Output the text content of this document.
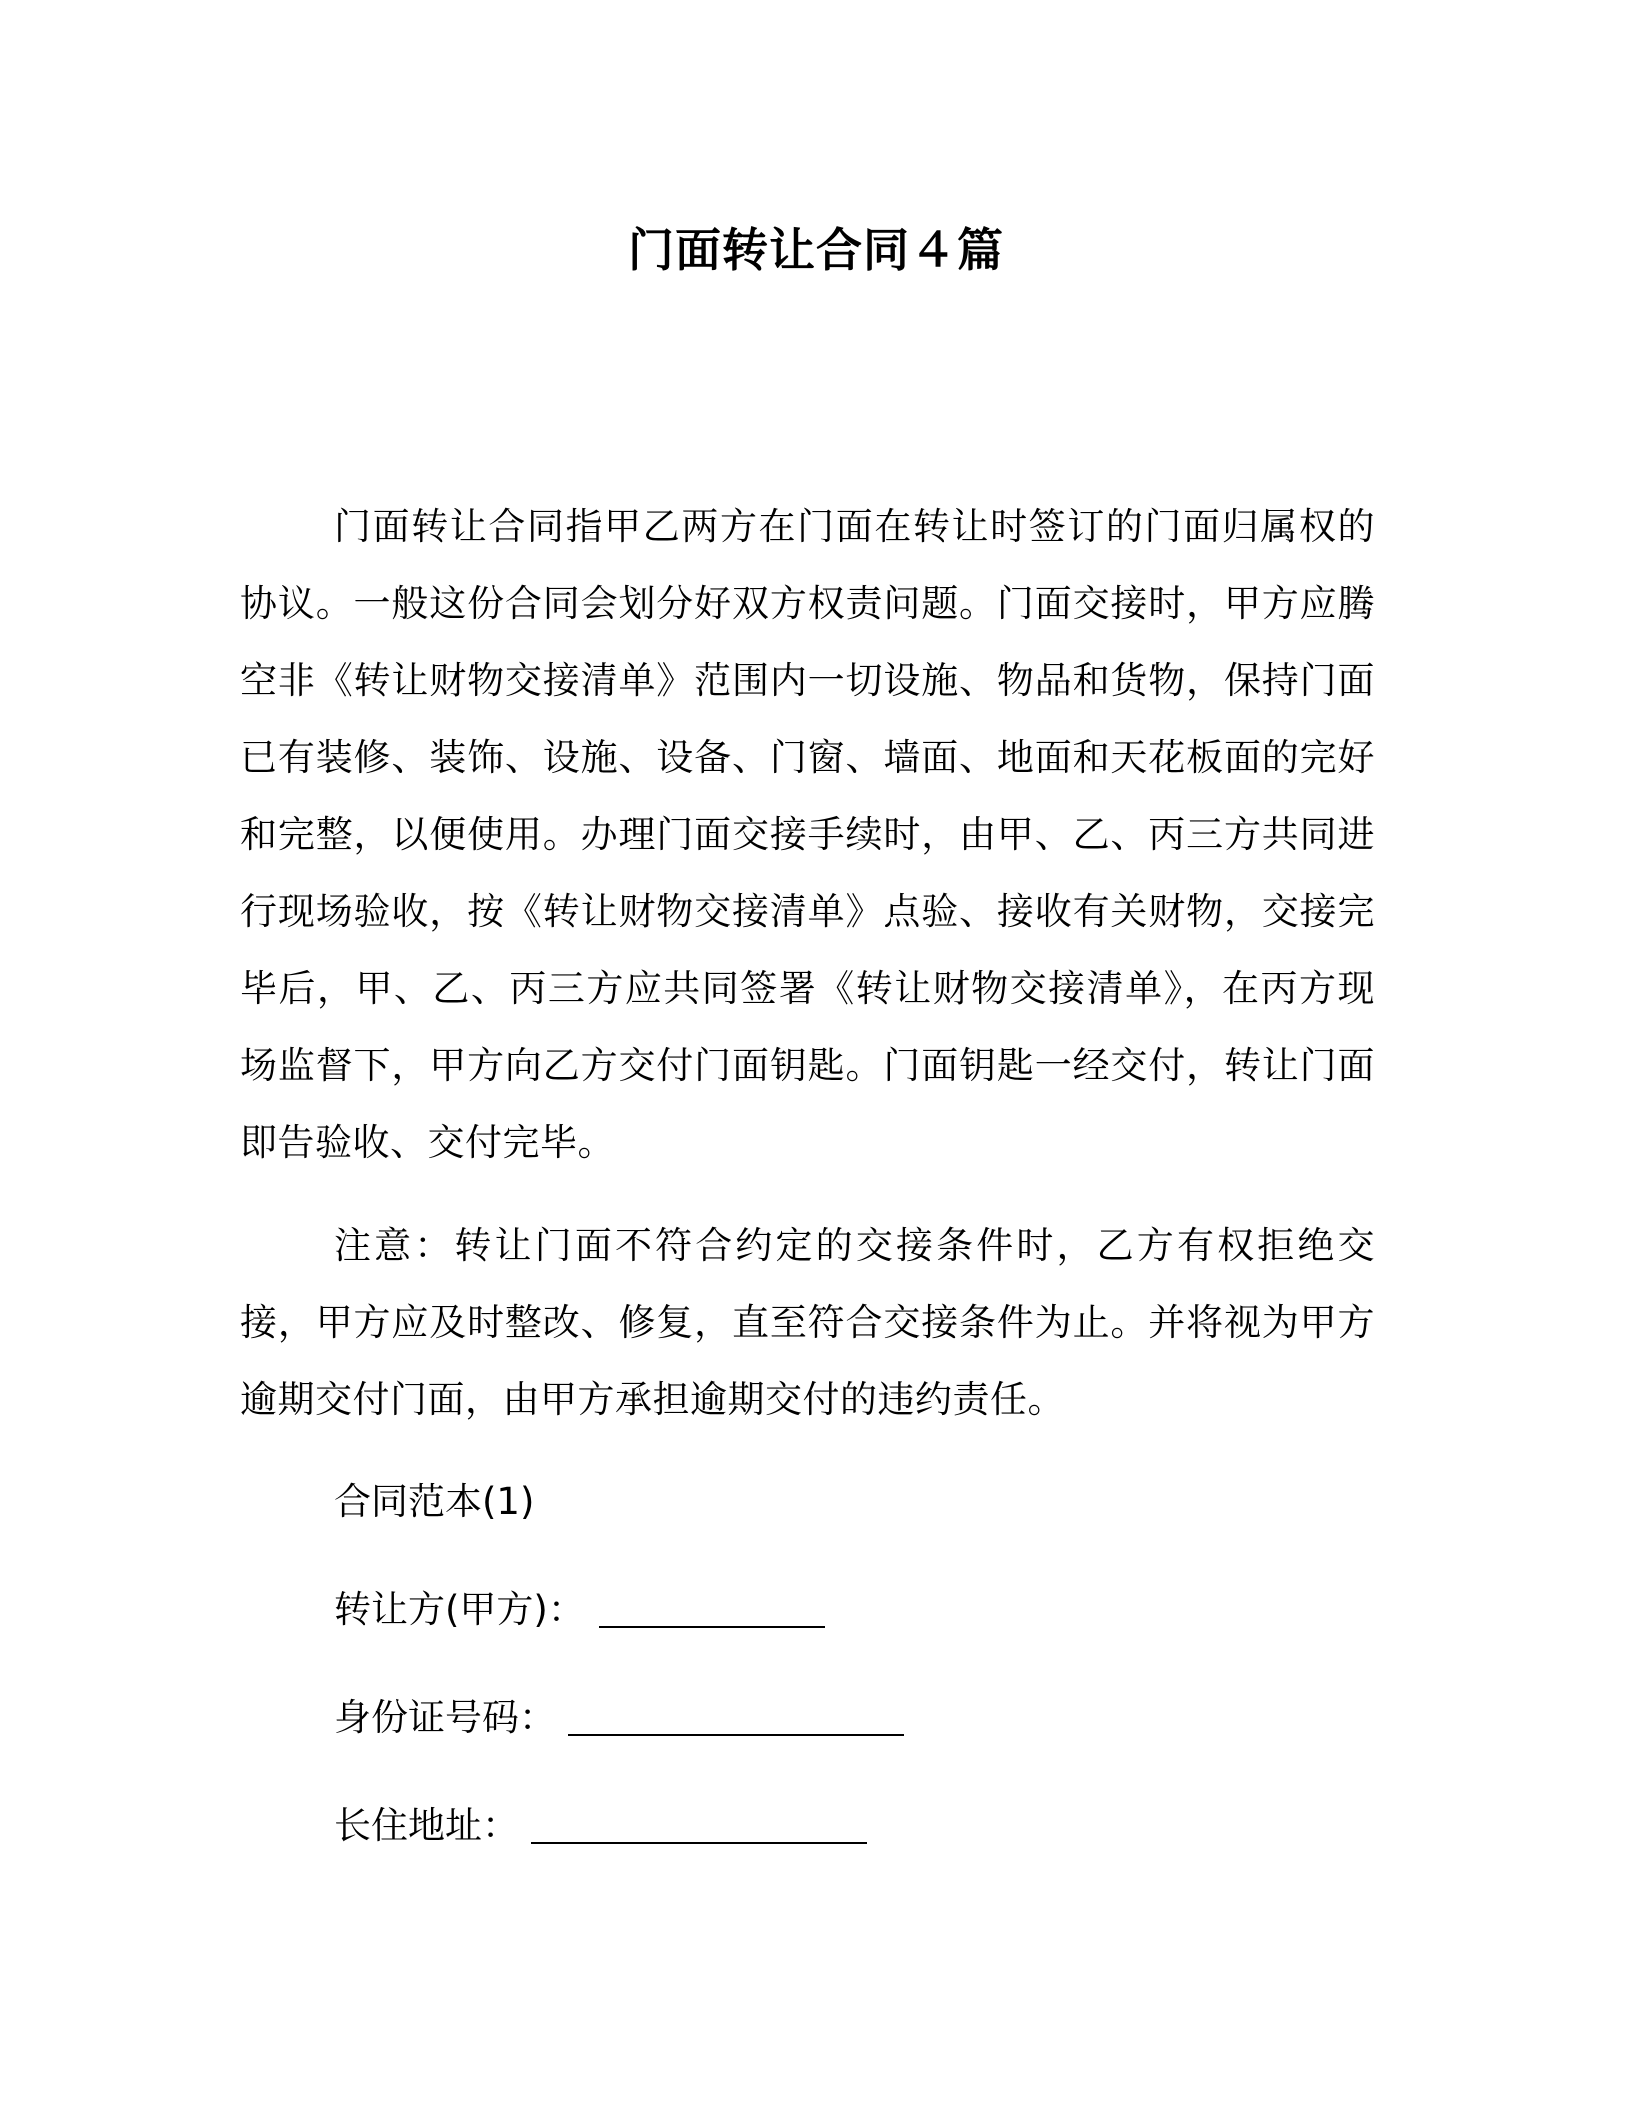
门面转让合同４篇

门面转让合同指甲乙两方在门面在转让时签订的门面归属权的协议。一般这份合同会划分好双方权责问题。门面交接时，甲方应腾空非《转让财物交接清单》范围内一切设施、物品和货物，保持门面已有装修、装饰、设施、设备、门窗、墙面、地面和天花板面的完好和完整，以便使用。办理门面交接手续时，由甲、乙、丙三方共同进行现场验收，按《转让财物交接清单》点验、接收有关财物，交接完毕后，甲、乙、丙三方应共同签署《转让财物交接清单》，在丙方现场监督下，甲方向乙方交付门面钥匙。门面钥匙一经交付，转让门面即告验收、交付完毕。

注意：转让门面不符合约定的交接条件时，乙方有权拒绝交接，甲方应及时整改、修复，直至符合交接条件为止。并将视为甲方逾期交付门面，由甲方承担逾期交付的违约责任。

合同范本(1)
转让方(甲方)：
身份证号码：
长住地址：
